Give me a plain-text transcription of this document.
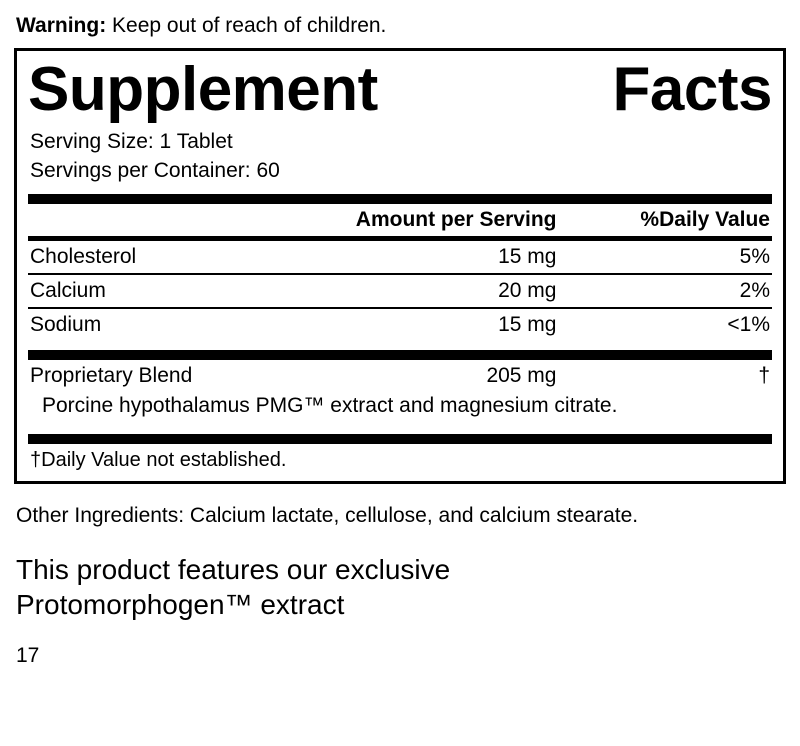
Warning: Keep out of reach of children.
Supplement	Facts
Serving Size: 1 Tablet
Servings per Container: 60
	Amount per Serving	%Daily Value
Cholesterol	15 mg	5%
Calcium	20 mg	2%
Sodium	15 mg	<1%
Proprietary Blend	205 mg	†
Porcine hypothalamus PMG™ extract and magnesium citrate.
†Daily Value not established.
Other Ingredients: Calcium lactate, cellulose, and calcium stearate.
This product features our exclusive
Protomorphogen™ extract
17
